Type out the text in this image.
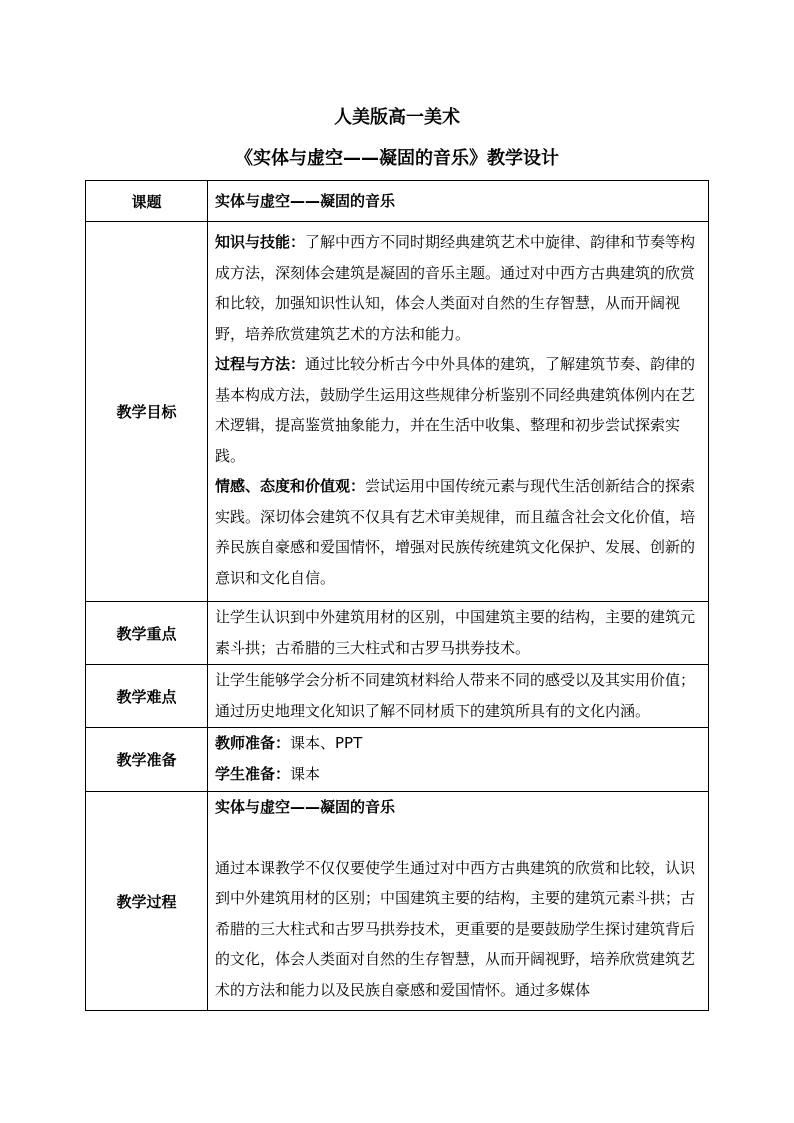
人美版高一美术
《实体与虚空——凝固的音乐》教学设计
课题	实体与虚空——凝固的音乐

教学目标	知识与技能：了解中西方不同时期经典建筑艺术中旋律、韵律和节奏等构成方法，深刻体会建筑是凝固的音乐主题。通过对中西方古典建筑的欣赏和比较，加强知识性认知，体会人类面对自然的生存智慧，从而开阔视野，培养欣赏建筑艺术的方法和能力。

过程与方法：通过比较分析古今中外具体的建筑，了解建筑节奏、韵律的基本构成方法，鼓励学生运用这些规律分析鉴别不同经典建筑体例内在艺术逻辑，提高鉴赏抽象能力，并在生活中收集、整理和初步尝试探索实践。

情感、态度和价值观：尝试运用中国传统元素与现代生活创新结合的探索实践。深切体会建筑不仅具有艺术审美规律，而且蕴含社会文化价值，培养民族自豪感和爱国情怀，增强对民族传统建筑文化保护、发展、创新的意识和文化自信。

教学重点	让学生认识到中外建筑用材的区别，中国建筑主要的结构，主要的建筑元素斗拱；古希腊的三大柱式和古罗马拱券技术。

教学难点	让学生能够学会分析不同建筑材料给人带来不同的感受以及其实用价值；通过历史地理文化知识了解不同材质下的建筑所具有的文化内涵。

教学准备	教师准备：课本、PPT

学生准备：课本

教学过程	实体与虚空——凝固的音乐

通过本课教学不仅仅要使学生通过对中西方古典建筑的欣赏和比较，认识到中外建筑用材的区别；中国建筑主要的结构，主要的建筑元素斗拱；古希腊的三大柱式和古罗马拱券技术，更重要的是要鼓励学生探讨建筑背后的文化，体会人类面对自然的生存智慧，从而开阔视野，培养欣赏建筑艺术的方法和能力以及民族自豪感和爱国情怀。通过多媒体
